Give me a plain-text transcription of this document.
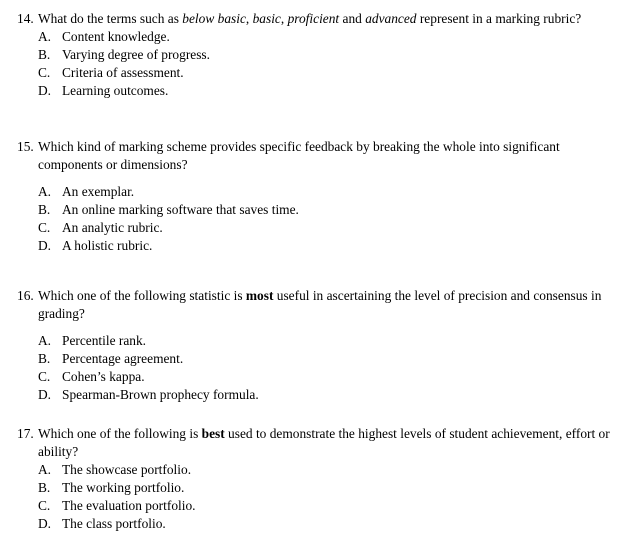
14. What do the terms such as below basic, basic, proficient and advanced represent in a marking rubric?
A. Content knowledge.
B. Varying degree of progress.
C. Criteria of assessment.
D. Learning outcomes.
15. Which kind of marking scheme provides specific feedback by breaking the whole into significant components or dimensions?
A. An exemplar.
B. An online marking software that saves time.
C. An analytic rubric.
D. A holistic rubric.
16. Which one of the following statistic is most useful in ascertaining the level of precision and consensus in grading?
A. Percentile rank.
B. Percentage agreement.
C. Cohen’s kappa.
D. Spearman-Brown prophecy formula.
17. Which one of the following is best used to demonstrate the highest levels of student achievement, effort or ability?
A. The showcase portfolio.
B. The working portfolio.
C. The evaluation portfolio.
D. The class portfolio.
